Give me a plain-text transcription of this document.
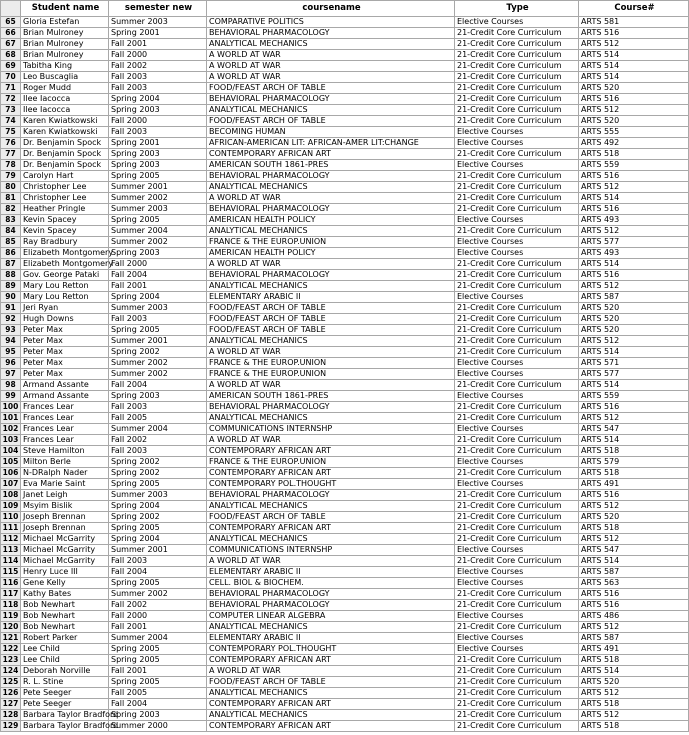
	Student name	semester new	coursename	Type	Course#
65	Gloria Estefan	Summer 2003	COMPARATIVE POLITICS	Elective Courses	ARTS 581
66	Brian Mulroney	Spring 2001	BEHAVIORAL PHARMACOLOGY	21-Credit Core Curriculum	ARTS 516
67	Brian Mulroney	Fall 2001	ANALYTICAL MECHANICS	21-Credit Core Curriculum	ARTS 512
68	Brian Mulroney	Fall 2000	A WORLD AT WAR	21-Credit Core Curriculum	ARTS 514
69	Tabitha King	Fall 2002	A WORLD AT WAR	21-Credit Core Curriculum	ARTS 514
70	Leo Buscaglia	Fall 2003	A WORLD AT WAR	21-Credit Core Curriculum	ARTS 514
71	Roger Mudd	Fall 2003	FOOD/FEAST ARCH OF TABLE	21-Credit Core Curriculum	ARTS 520
72	Ilee Iacocca	Spring 2004	BEHAVIORAL PHARMACOLOGY	21-Credit Core Curriculum	ARTS 516
73	Ilee Iacocca	Spring 2003	ANALYTICAL MECHANICS	21-Credit Core Curriculum	ARTS 512
74	Karen Kwiatkowski	Fall 2000	FOOD/FEAST ARCH OF TABLE	21-Credit Core Curriculum	ARTS 520
75	Karen Kwiatkowski	Fall 2003	BECOMING HUMAN	Elective Courses	ARTS 555
76	Dr. Benjamin Spock	Spring 2001	AFRICAN-AMERICAN LIT: AFRICAN-AMER LIT:CHANGE	Elective Courses	ARTS 492
77	Dr. Benjamin Spock	Spring 2003	CONTEMPORARY AFRICAN ART	21-Credit Core Curriculum	ARTS 518
78	Dr. Benjamin Spock	Spring 2003	AMERICAN SOUTH 1861-PRES	Elective Courses	ARTS 559
79	Carolyn Hart	Spring 2005	BEHAVIORAL PHARMACOLOGY	21-Credit Core Curriculum	ARTS 516
80	Christopher Lee	Summer 2001	ANALYTICAL MECHANICS	21-Credit Core Curriculum	ARTS 512
81	Christopher Lee	Summer 2002	A WORLD AT WAR	21-Credit Core Curriculum	ARTS 514
82	Heather Pringle	Summer 2003	BEHAVIORAL PHARMACOLOGY	21-Credit Core Curriculum	ARTS 516
83	Kevin Spacey	Spring 2005	AMERICAN HEALTH POLICY	Elective Courses	ARTS 493
84	Kevin Spacey	Summer 2004	ANALYTICAL MECHANICS	21-Credit Core Curriculum	ARTS 512
85	Ray Bradbury	Summer 2002	FRANCE & THE EUROP.UNION	Elective Courses	ARTS 577
86	Elizabeth Montgomery	Spring 2003	AMERICAN HEALTH POLICY	Elective Courses	ARTS 493
87	Elizabeth Montgomery	Fall 2000	A WORLD AT WAR	21-Credit Core Curriculum	ARTS 514
88	Gov. George Pataki	Fall 2004	BEHAVIORAL PHARMACOLOGY	21-Credit Core Curriculum	ARTS 516
89	Mary Lou Retton	Fall 2001	ANALYTICAL MECHANICS	21-Credit Core Curriculum	ARTS 512
90	Mary Lou Retton	Spring 2004	ELEMENTARY ARABIC II	Elective Courses	ARTS 587
91	Jeri Ryan	Summer 2003	FOOD/FEAST ARCH OF TABLE	21-Credit Core Curriculum	ARTS 520
92	Hugh Downs	Fall 2003	FOOD/FEAST ARCH OF TABLE	21-Credit Core Curriculum	ARTS 520
93	Peter Max	Spring 2005	FOOD/FEAST ARCH OF TABLE	21-Credit Core Curriculum	ARTS 520
94	Peter Max	Summer 2001	ANALYTICAL MECHANICS	21-Credit Core Curriculum	ARTS 512
95	Peter Max	Spring 2002	A WORLD AT WAR	21-Credit Core Curriculum	ARTS 514
96	Peter Max	Summer 2002	FRANCE & THE EUROP.UNION	Elective Courses	ARTS 571
97	Peter Max	Summer 2002	FRANCE & THE EUROP.UNION	Elective Courses	ARTS 577
98	Armand Assante	Fall 2004	A WORLD AT WAR	21-Credit Core Curriculum	ARTS 514
99	Armand Assante	Spring 2003	AMERICAN SOUTH 1861-PRES	Elective Courses	ARTS 559
100	Frances Lear	Fall 2003	BEHAVIORAL PHARMACOLOGY	21-Credit Core Curriculum	ARTS 516
101	Frances Lear	Fall 2005	ANALYTICAL MECHANICS	21-Credit Core Curriculum	ARTS 512
102	Frances Lear	Summer 2004	COMMUNICATIONS INTERNSHP	Elective Courses	ARTS 547
103	Frances Lear	Fall 2002	A WORLD AT WAR	21-Credit Core Curriculum	ARTS 514
104	Steve Hamilton	Fall 2003	CONTEMPORARY AFRICAN ART	21-Credit Core Curriculum	ARTS 518
105	Milton Berle	Spring 2002	FRANCE & THE EUROP.UNION	Elective Courses	ARTS 579
106	N-DRalph Nader	Spring 2002	CONTEMPORARY AFRICAN ART	21-Credit Core Curriculum	ARTS 518
107	Eva Marie Saint	Spring 2005	CONTEMPORARY POL.THOUGHT	Elective Courses	ARTS 491
108	Janet Leigh	Summer 2003	BEHAVIORAL PHARMACOLOGY	21-Credit Core Curriculum	ARTS 516
109	Msyim Bislik	Spring 2004	ANALYTICAL MECHANICS	21-Credit Core Curriculum	ARTS 512
110	Joseph Brennan	Spring 2002	FOOD/FEAST ARCH OF TABLE	21-Credit Core Curriculum	ARTS 520
111	Joseph Brennan	Spring 2005	CONTEMPORARY AFRICAN ART	21-Credit Core Curriculum	ARTS 518
112	Michael McGarrity	Spring 2004	ANALYTICAL MECHANICS	21-Credit Core Curriculum	ARTS 512
113	Michael McGarrity	Summer 2001	COMMUNICATIONS INTERNSHP	Elective Courses	ARTS 547
114	Michael McGarrity	Fall 2003	A WORLD AT WAR	21-Credit Core Curriculum	ARTS 514
115	Henry Luce III	Fall 2004	ELEMENTARY ARABIC II	Elective Courses	ARTS 587
116	Gene Kelly	Spring 2005	CELL. BIOL & BIOCHEM.	Elective Courses	ARTS 563
117	Kathy Bates	Summer 2002	BEHAVIORAL PHARMACOLOGY	21-Credit Core Curriculum	ARTS 516
118	Bob Newhart	Fall 2002	BEHAVIORAL PHARMACOLOGY	21-Credit Core Curriculum	ARTS 516
119	Bob Newhart	Fall 2000	COMPUTER LINEAR ALGEBRA	Elective Courses	ARTS 486
120	Bob Newhart	Fall 2001	ANALYTICAL MECHANICS	21-Credit Core Curriculum	ARTS 512
121	Robert Parker	Summer 2004	ELEMENTARY ARABIC II	Elective Courses	ARTS 587
122	Lee Child	Spring 2005	CONTEMPORARY POL.THOUGHT	Elective Courses	ARTS 491
123	Lee Child	Spring 2005	CONTEMPORARY AFRICAN ART	21-Credit Core Curriculum	ARTS 518
124	Deborah Norville	Fall 2001	A WORLD AT WAR	21-Credit Core Curriculum	ARTS 514
125	R. L. Stine	Spring 2005	FOOD/FEAST ARCH OF TABLE	21-Credit Core Curriculum	ARTS 520
126	Pete Seeger	Fall 2005	ANALYTICAL MECHANICS	21-Credit Core Curriculum	ARTS 512
127	Pete Seeger	Fall 2004	CONTEMPORARY AFRICAN ART	21-Credit Core Curriculum	ARTS 518
128	Barbara Taylor Bradford	Spring 2003	ANALYTICAL MECHANICS	21-Credit Core Curriculum	ARTS 512
129	Barbara Taylor Bradford	Summer 2000	CONTEMPORARY AFRICAN ART	21-Credit Core Curriculum	ARTS 518
